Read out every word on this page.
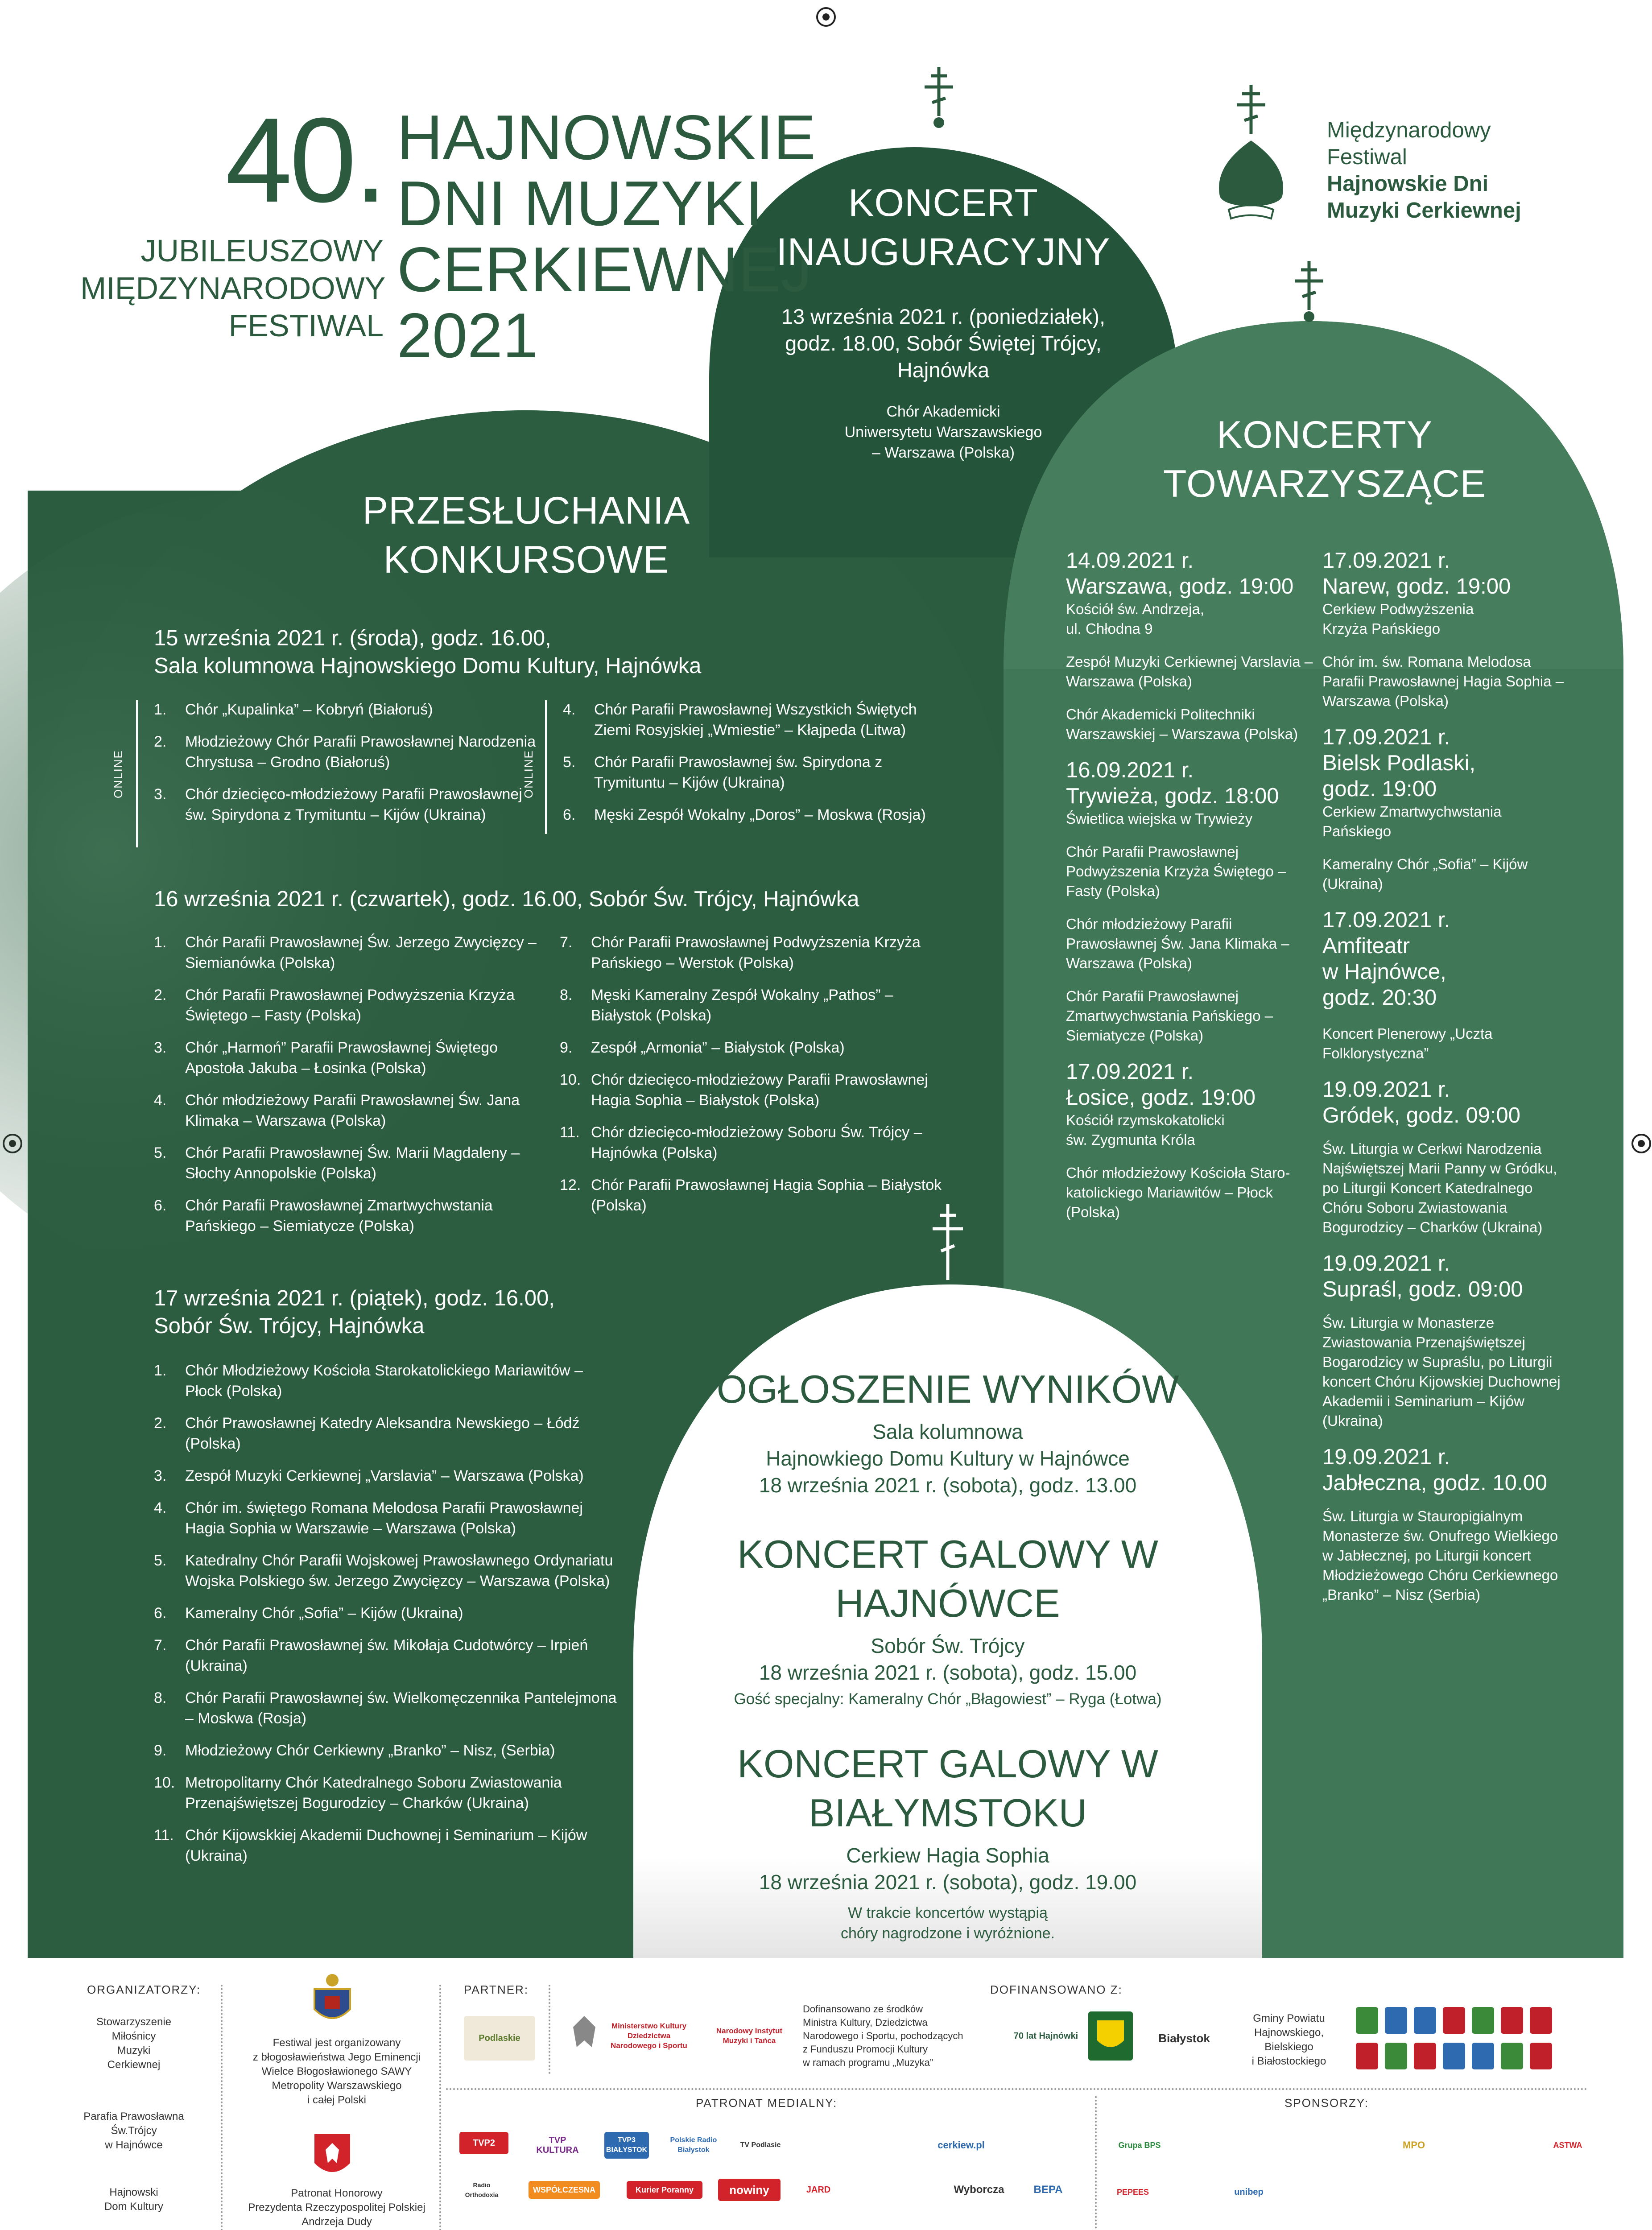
40.
JUBILEUSZOWY
MIĘDZYNARODOWY
FESTIWAL
HAJNOWSKIE
DNI MUZYKI
CERKIEWNEJ
2021
Międzynarodowy
Festiwal
Hajnowskie Dni
Muzyki Cerkiewnej
KONCERT
INAUGURACYJNY
13 września 2021 r. (poniedziałek),
godz. 18.00, Sobór Świętej Trójcy,
Hajnówka
Chór Akademicki
Uniwersytetu Warszawskiego
– Warszawa (Polska)
PRZESŁUCHANIA
KONKURSOWE
15 września 2021 r. (środa), godz. 16.00,
Sala kolumnowa Hajnowskiego Domu Kultury, Hajnówka
ONLINE
1. Chór „Kupalinka” – Kobryń (Białoruś)
2. Młodzieżowy Chór Parafii Prawosławnej Narodzenia Chrystusa – Grodno (Białoruś)
3. Chór dziecięco-młodzieżowy Parafii Prawosławnej św. Spirydona z Trymituntu – Kijów (Ukraina)
ONLINE
4. Chór Parafii Prawosławnej Wszystkich Świętych Ziemi Rosyjskiej „Wmiestie” – Kłajpeda (Litwa)
5. Chór Parafii Prawosławnej św. Spirydona z Trymituntu – Kijów (Ukraina)
6. Męski Zespół Wokalny „Doros” – Moskwa (Rosja)
16 września 2021 r. (czwartek), godz. 16.00, Sobór Św. Trójcy, Hajnówka
1. Chór Parafii Prawosławnej Św. Jerzego Zwycięzcy – Siemianówka (Polska)
2. Chór Parafii Prawosławnej Podwyższenia Krzyża Świętego – Fasty (Polska)
3. Chór „Harmoń” Parafii Prawosławnej Świętego Apostoła Jakuba – Łosinka (Polska)
4. Chór młodzieżowy Parafii Prawosławnej Św. Jana Klimaka – Warszawa (Polska)
5. Chór Parafii Prawosławnej Św. Marii Magdaleny – Słochy Annopolskie (Polska)
6. Chór Parafii Prawosławnej Zmartwychwstania Pańskiego – Siemiatycze (Polska)
7. Chór Parafii Prawosławnej Podwyższenia Krzyża Pańskiego – Werstok (Polska)
8. Męski Kameralny Zespół Wokalny „Pathos” – Białystok (Polska)
9. Zespół „Armonia” – Białystok (Polska)
10. Chór dziecięco-młodzieżowy Parafii Prawosławnej Hagia Sophia – Białystok (Polska)
11. Chór dziecięco-młodzieżowy Soboru Św. Trójcy – Hajnówka (Polska)
12. Chór Parafii Prawosławnej Hagia Sophia – Białystok (Polska)
17 września 2021 r. (piątek), godz. 16.00,
Sobór Św. Trójcy, Hajnówka
1. Chór Młodzieżowy Kościoła Starokatolickiego Mariawitów – Płock (Polska)
2. Chór Prawosławnej Katedry Aleksandra Newskiego – Łódź (Polska)
3. Zespół Muzyki Cerkiewnej „Varslavia” – Warszawa (Polska)
4. Chór im. świętego Romana Melodosa Parafii Prawosławnej Hagia Sophia w Warszawie – Warszawa (Polska)
5. Katedralny Chór Parafii Wojskowej Prawosławnego Ordynariatu Wojska Polskiego św. Jerzego Zwycięzcy – Warszawa (Polska)
6. Kameralny Chór „Sofia” – Kijów (Ukraina)
7. Chór Parafii Prawosławnej św. Mikołaja Cudotwórcy – Irpień (Ukraina)
8. Chór Parafii Prawosławnej św. Wielkomęczennika Pantelejmona – Moskwa (Rosja)
9. Młodzieżowy Chór Cerkiewny „Branko” – Nisz, (Serbia)
10. Metropolitarny Chór Katedralnego Soboru Zwiastowania Przenajświętszej Bogurodzicy – Charków (Ukraina)
11. Chór Kijowskkiej Akademii Duchownej i Seminarium – Kijów (Ukraina)
OGŁOSZENIE WYNIKÓW
Sala kolumnowa
Hajnowkiego Domu Kultury w Hajnówce
18 września 2021 r. (sobota), godz. 13.00
KONCERT GALOWY W HAJNÓWCE
Sobór Św. Trójcy
18 września 2021 r. (sobota), godz. 15.00
Gość specjalny: Kameralny Chór „Błagowiest” – Ryga (Łotwa)
KONCERT GALOWY W BIAŁYMSTOKU
Cerkiew Hagia Sophia
18 września 2021 r. (sobota), godz. 19.00
W trakcie koncertów wystąpią
chóry nagrodzone i wyróżnione.
KONCERTY
TOWARZYSZĄCE
14.09.2021 r.
Warszawa, godz. 19:00
Kościół św. Andrzeja,
ul. Chłodna 9
Zespół Muzyki Cerkiewnej Varslavia – Warszawa (Polska)
Chór Akademicki Politechniki Warszawskiej – Warszawa (Polska)
16.09.2021 r.
Trywieża, godz. 18:00
Świetlica wiejska w Trywieży
Chór Parafii Prawosławnej Podwyższenia Krzyża Świętego – Fasty (Polska)
Chór młodzieżowy Parafii Prawosławnej Św. Jana Klimaka – Warszawa (Polska)
Chór Parafii Prawosławnej Zmartwychwstania Pańskiego – Siemiatycze (Polska)
17.09.2021 r.
Łosice, godz. 19:00
Kościół rzymskokatolicki
św. Zygmunta Króla
Chór młodzieżowy Kościoła Staro-katolickiego Mariawitów – Płock (Polska)
17.09.2021 r.
Narew, godz. 19:00
Cerkiew Podwyższenia
Krzyża Pańskiego
Chór im. św. Romana Melodosa Parafii Prawosławnej Hagia Sophia – Warszawa (Polska)
17.09.2021 r.
Bielsk Podlaski,
godz. 19:00
Cerkiew Zmartwychwstania
Pańskiego
Kameralny Chór „Sofia” – Kijów (Ukraina)
17.09.2021 r.
Amfiteatr
w Hajnówce,
godz. 20:30
Koncert Plenerowy „Uczta Folklorystyczna”
19.09.2021 r.
Gródek, godz. 09:00
Św. Liturgia w Cerkwi Narodzenia Najświętszej Marii Panny w Gródku, po Liturgii Koncert Katedralnego Chóru Soboru Zwiastowania Bogurodzicy – Charków (Ukraina)
19.09.2021 r.
Supraśl, godz. 09:00
Św. Liturgia w Monasterze Zwiastowania Przenajświętszej Bogarodzicy w Supraślu, po Liturgii koncert Chóru Kijowskiej Duchownej Akademii i Seminarium – Kijów (Ukraina)
19.09.2021 r.
Jabłeczna, godz. 10.00
Św. Liturgia w Stauropigialnym Monasterze św. Onufrego Wielkiego w Jabłecznej, po Liturgii koncert Młodzieżowego Chóru Cerkiewnego „Branko” – Nisz (Serbia)
ORGANIZATORZY:
Stowarzyszenie
Miłośnicy
Muzyki
Cerkiewnej
Parafia Prawosławna
Św.Trójcy
w Hajnówce
Hajnowski
Dom Kultury
Festiwal jest organizowany
z błogosławieństwa Jego Eminencji
Wielce Błogosławionego SAWY
Metropolity Warszawskiego
i całej Polski
Patronat Honorowy
Prezydenta Rzeczypospolitej Polskiej
Andrzeja Dudy
PARTNER:
Podlaskie
DOFINANSOWANO Z:
Ministerstwo Kultury Dziedzictwa Narodowego i Sportu
Narodowy Instytut Muzyki i Tańca
Dofinansowano ze środków
Ministra Kultury, Dziedzictwa
Narodowego i Sportu, pochodzących
z Funduszu Promocji Kultury
w ramach programu „Muzyka”
70 lat Hajnówki	Białystok
Gminy Powiatu
Hajnowskiego,
Bielskiego
i Białostockiego
PATRONAT MEDIALNY:
TVP2	TVP KULTURA
TVP3 BIAŁYSTOK
Polskie Radio Białystok
TV Podlasie	cerkiew.pl
Radio Orthodoxia
WSPÓŁCZESNA	Kurier Poranny	nowiny	JARD	Wyborcza	BEPA
SPONSORZY:
Grupa BPS	MPO	ASTWA
PEPEES	unibep
